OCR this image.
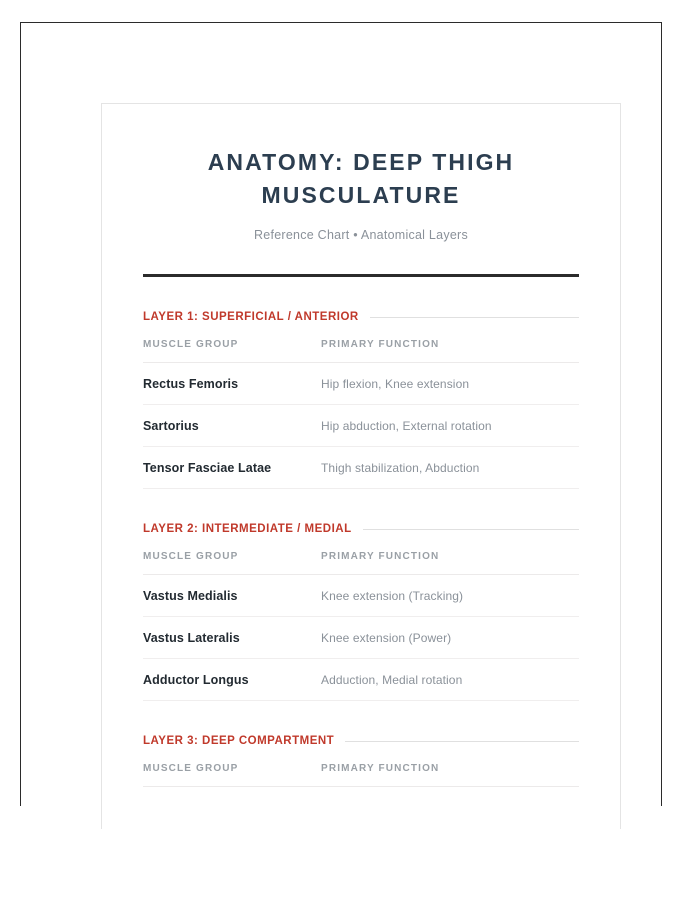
ANATOMY: DEEP THIGH MUSCULATURE

Reference Chart • Anatomical Layers

LAYER 1: SUPERFICIAL / ANTERIOR
MUSCLE GROUP	PRIMARY FUNCTION
Rectus Femoris	Hip flexion, Knee extension
Sartorius	Hip abduction, External rotation
Tensor Fasciae Latae	Thigh stabilization, Abduction
LAYER 2: INTERMEDIATE / MEDIAL
MUSCLE GROUP	PRIMARY FUNCTION
Vastus Medialis	Knee extension (Tracking)
Vastus Lateralis	Knee extension (Power)
Adductor Longus	Adduction, Medial rotation
LAYER 3: DEEP COMPARTMENT
MUSCLE GROUP	PRIMARY FUNCTION
